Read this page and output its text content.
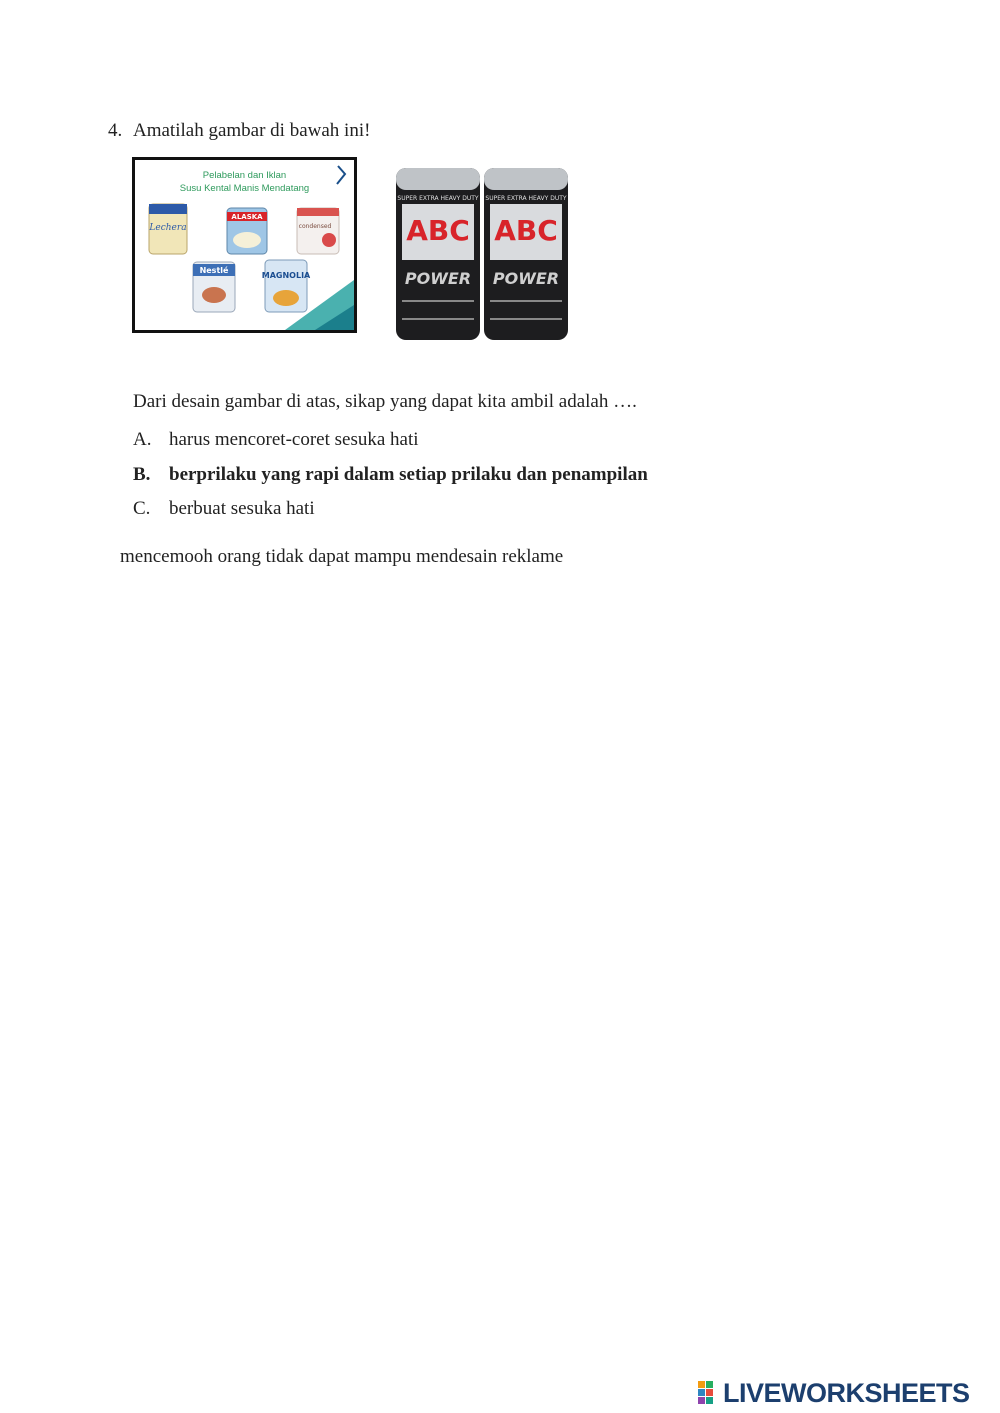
4. Amatilah gambar di bawah ini!
Pelabelan dan Iklan
Susu Kental Manis Mendatang
Lechera
ALASKA
condensed
Nestlé
MAGNOLIA
SUPER EXTRA HEAVY DUTY
ABC
POWER
SUPER EXTRA HEAVY DUTY
ABC
POWER
Dari desain gambar di atas, sikap yang dapat kita ambil adalah ….
A. harus mencoret-coret sesuka hati
B. berprilaku yang rapi dalam setiap prilaku dan penampilan
C. berbuat sesuka hati
mencemooh orang tidak dapat mampu mendesain reklame
LIVEWORKSHEETS
